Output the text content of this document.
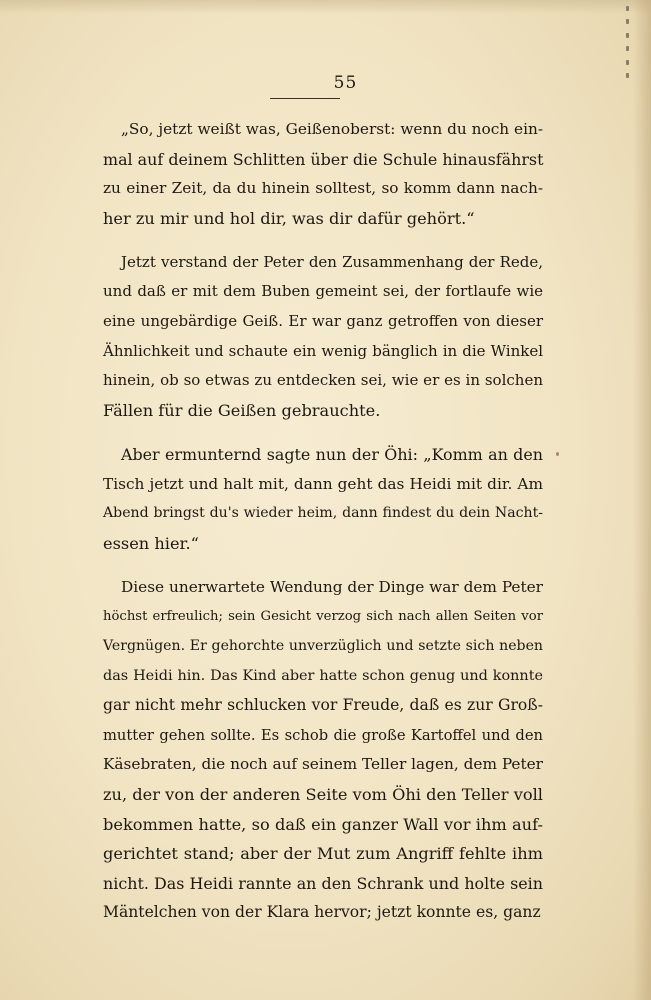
55
„So, jetzt weißt was, Geißenoberst: wenn du noch ein-
mal auf deinem Schlitten über die Schule hinausfährst
zu einer Zeit, da du hinein solltest, so komm dann nach-
her zu mir und hol dir, was dir dafür gehört.“
Jetzt verstand der Peter den Zusammenhang der Rede,
und daß er mit dem Buben gemeint sei, der fortlaufe wie
eine ungebärdige Geiß. Er war ganz getroffen von dieser
Ähnlichkeit und schaute ein wenig bänglich in die Winkel
hinein, ob so etwas zu entdecken sei, wie er es in solchen
Fällen für die Geißen gebrauchte.
Aber ermunternd sagte nun der Öhi: „Komm an den
Tisch jetzt und halt mit, dann geht das Heidi mit dir. Am
Abend bringst du's wieder heim, dann findest du dein Nacht-
essen hier.“
Diese unerwartete Wendung der Dinge war dem Peter
höchst erfreulich; sein Gesicht verzog sich nach allen Seiten vor
Vergnügen. Er gehorchte unverzüglich und setzte sich neben
das Heidi hin. Das Kind aber hatte schon genug und konnte
gar nicht mehr schlucken vor Freude, daß es zur Groß-
mutter gehen sollte. Es schob die große Kartoffel und den
Käsebraten, die noch auf seinem Teller lagen, dem Peter
zu, der von der anderen Seite vom Öhi den Teller voll
bekommen hatte, so daß ein ganzer Wall vor ihm auf-
gerichtet stand; aber der Mut zum Angriff fehlte ihm
nicht. Das Heidi rannte an den Schrank und holte sein
Mäntelchen von der Klara hervor; jetzt konnte es, ganz
